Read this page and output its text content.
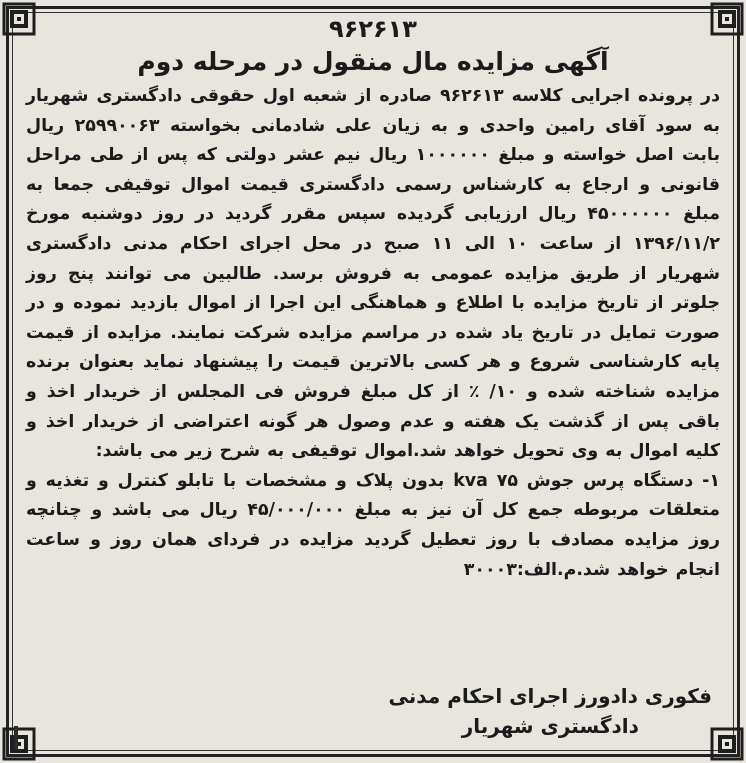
۹۶۲۶۱۳
آگهی مزایده مال منقول در مرحله دوم

در پرونده اجرایی کلاسه ۹۶۲۶۱۳ صادره از شعبه اول حقوقی دادگستری شهریار به سود آقای رامین واحدی و به زیان علی شادمانی بخواسته ۲۵۹۹۰۰۶۳ ریال بابت اصل خواسته و مبلغ ۱۰۰۰۰۰۰ ریال نیم عشر دولتی که پس از طی مراحل قانونی و ارجاع به کارشناس رسمی دادگستری قیمت اموال توقیفی جمعا به مبلغ ۴۵۰۰۰۰۰۰ ریال ارزیابی گردیده سپس مقرر گردید در روز دوشنبه مورخ ۱۳۹۶/۱۱/۲ از ساعت ۱۰ الی ۱۱ صبح در محل اجرای احکام مدنی دادگستری شهریار از طریق مزایده عمومی به فروش برسد. طالبین می توانند پنج روز جلوتر از تاریخ مزایده با اطلاع و هماهنگی این اجرا از اموال بازدید نموده و در صورت تمایل در تاریخ یاد شده در مراسم مزایده شرکت نمایند. مزایده از قیمت پایه کارشناسی شروع و هر کسی بالاترین قیمت را پیشنهاد نماید بعنوان برنده مزایده شناخته شده و ۱۰/ ٪ از کل مبلغ فروش فی المجلس از خریدار اخذ و باقی پس از گذشت یک هفته و عدم وصول هر گونه اعتراضی از خریدار اخذ و کلیه اموال به وی تحویل خواهد شد.اموال توقیفی به شرح زیر می باشد:

۱- دستگاه پرس جوش ۷۵ kva بدون پلاک و مشخصات با تابلو کنترل و تغذیه و متعلقات مربوطه جمع کل آن نیز به مبلغ ۴۵/۰۰۰/۰۰۰ ریال می باشد و چنانچه روز مزایده مصادف با روز تعطیل گردید مزایده در فردای همان روز و ساعت انجام خواهد شد.م.الف:۳۰۰۰۳

فکوری دادورز اجرای احکام مدنی
دادگستری شهریار
